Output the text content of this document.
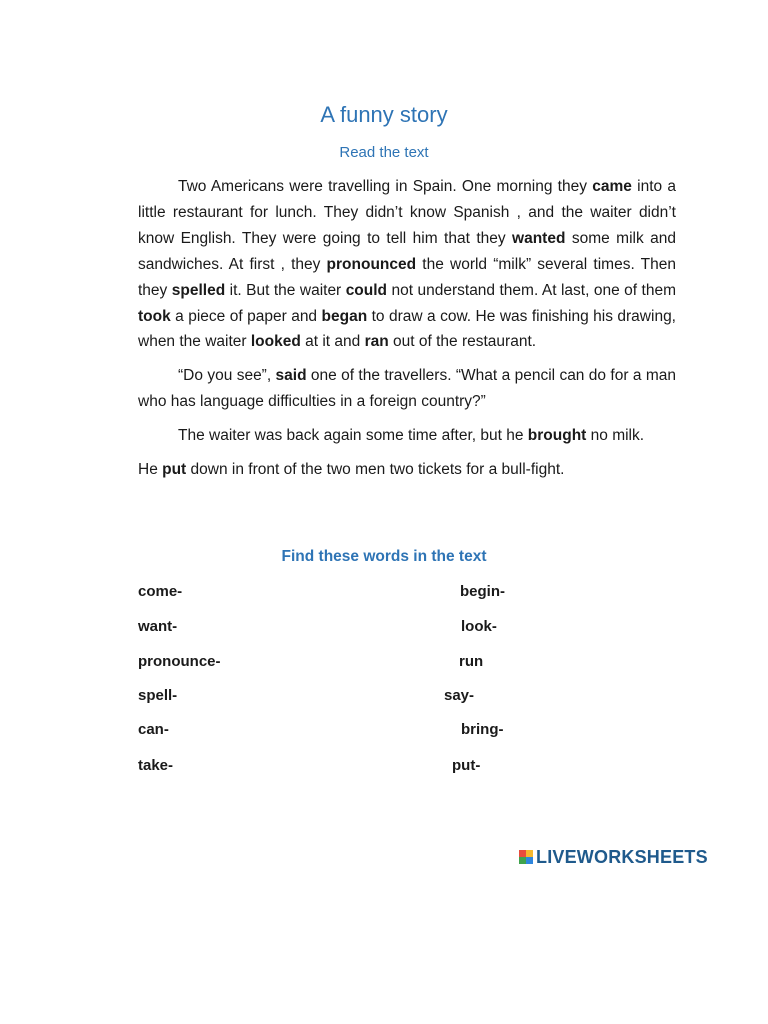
A funny story
Read the text

Two Americans were travelling in Spain. One morning they came into a little restaurant for lunch. They didn’t know Spanish , and the waiter didn’t know English. They were going to tell him that they wanted some milk and sandwiches. At first , they pronounced the world “milk” several times. Then they spelled it. But the waiter could not understand them. At last, one of them took a piece of paper and began to draw a cow. He was finishing his drawing, when the waiter looked at it and ran out of the restaurant.

“Do you see”, said one of the travellers. “What a pencil can do for a man who has language difficulties in a foreign country?”

The waiter was back again some time after, but he brought no milk.

He put down in front of the two men two tickets for a bull-fight.

Find these words in the text
come-
want-
pronounce-
spell-
can-
take-
begin-
look-
run
say-
bring-
put-
LIVEWORKSHEETS
